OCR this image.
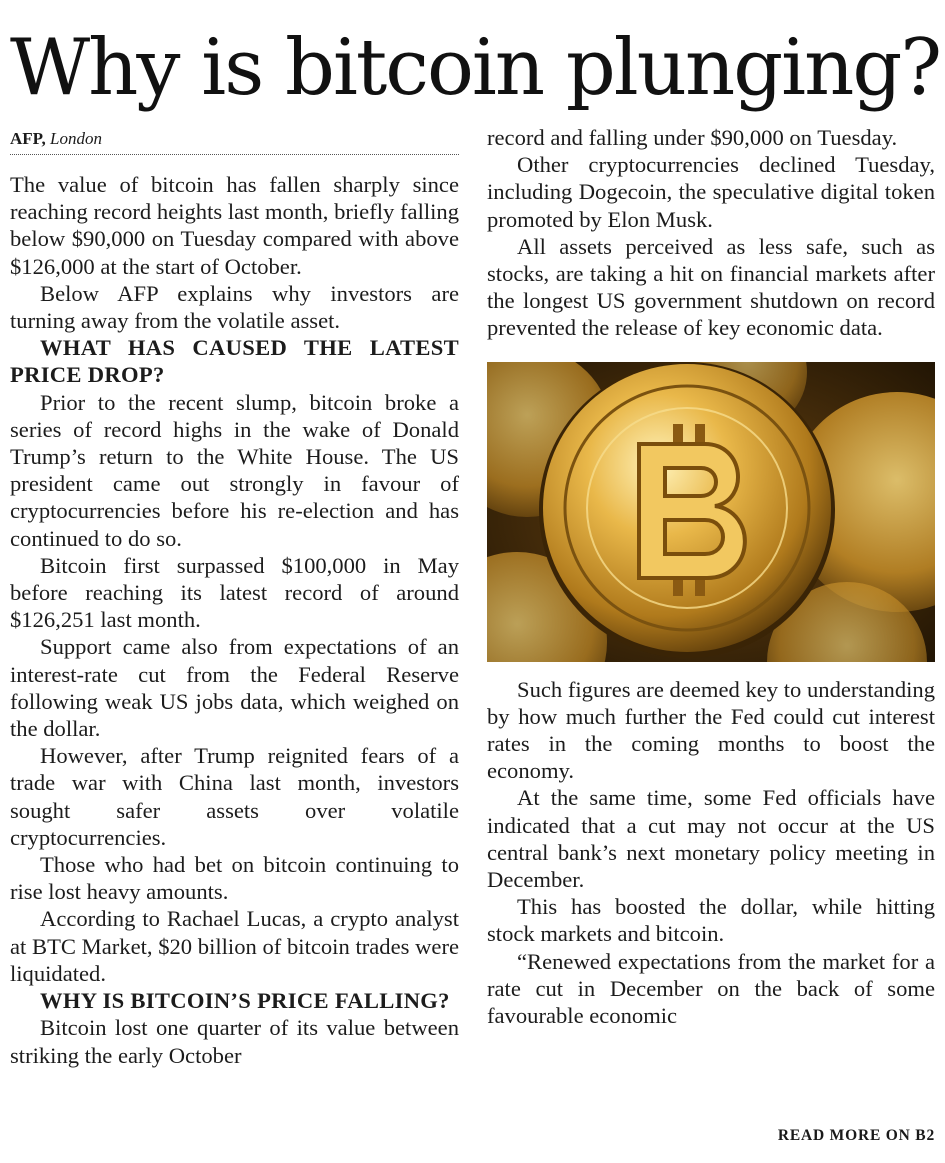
Why is bitcoin plunging?
AFP, London

The value of bitcoin has fallen sharply since reaching record heights last month, briefly falling below $90,000 on Tuesday compared with above $126,000 at the start of October.

Below AFP explains why investors are turning away from the volatile asset.

WHAT HAS CAUSED THE LATEST PRICE DROP?

Prior to the recent slump, bitcoin broke a series of record highs in the wake of Donald Trump’s return to the White House. The US president came out strongly in favour of cryptocurrencies before his re-election and has continued to do so.

Bitcoin first surpassed $100,000 in May before reaching its latest record of around $126,251 last month.

Support came also from expectations of an interest-rate cut from the Federal Reserve following weak US jobs data, which weighed on the dollar.

However, after Trump reignited fears of a trade war with China last month, investors sought safer assets over volatile cryptocurrencies.

Those who had bet on bitcoin continuing to rise lost heavy amounts.

According to Rachael Lucas, a crypto analyst at BTC Market, $20 billion of bitcoin trades were liquidated.

WHY IS BITCOIN’S PRICE FALLING?

Bitcoin lost one quarter of its value between striking the early October

record and falling under $90,000 on Tuesday.

Other cryptocurrencies declined Tuesday, including Dogecoin, the speculative digital token promoted by Elon Musk.

All assets perceived as less safe, such as stocks, are taking a hit on financial markets after the longest US government shutdown on record prevented the release of key economic data.

Such figures are deemed key to understanding by how much further the Fed could cut interest rates in the coming months to boost the economy.

At the same time, some Fed officials have indicated that a cut may not occur at the US central bank’s next monetary policy meeting in December.

This has boosted the dollar, while hitting stock markets and bitcoin.

“Renewed expectations from the market for a rate cut in December on the back of some favourable economic

READ MORE ON B2
